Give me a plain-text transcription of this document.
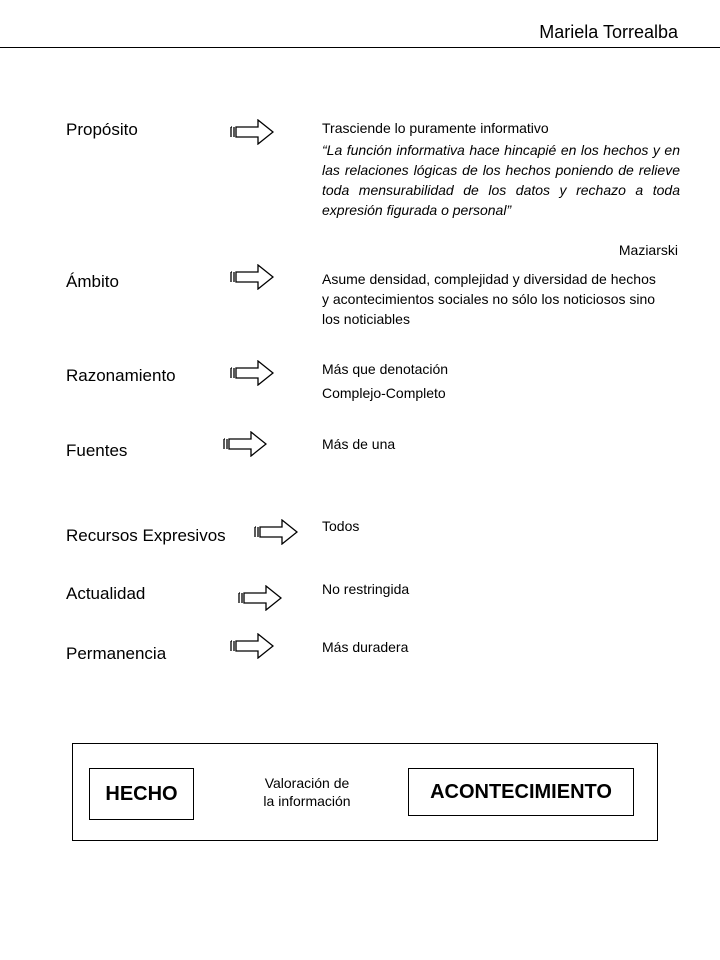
Mariela Torrealba
Propósito	Trasciende lo puramente informativo
“La función informativa hace hincapié en los hechos y en las relaciones lógicas de los hechos poniendo de relieve toda mensurabilidad de los datos y rechazo a toda expresión figurada o personal”
Maziarski
Ámbito	Asume densidad, complejidad y diversidad de hechos y acontecimientos sociales no sólo los noticiosos sino los noticiables
Razonamiento	Más que denotación
Complejo-Completo
Fuentes	Más de una
Recursos Expresivos	Todos
Actualidad	No restringida
Permanencia	Más duradera
HECHO	Valoración de
la información	ACONTECIMIENTO
